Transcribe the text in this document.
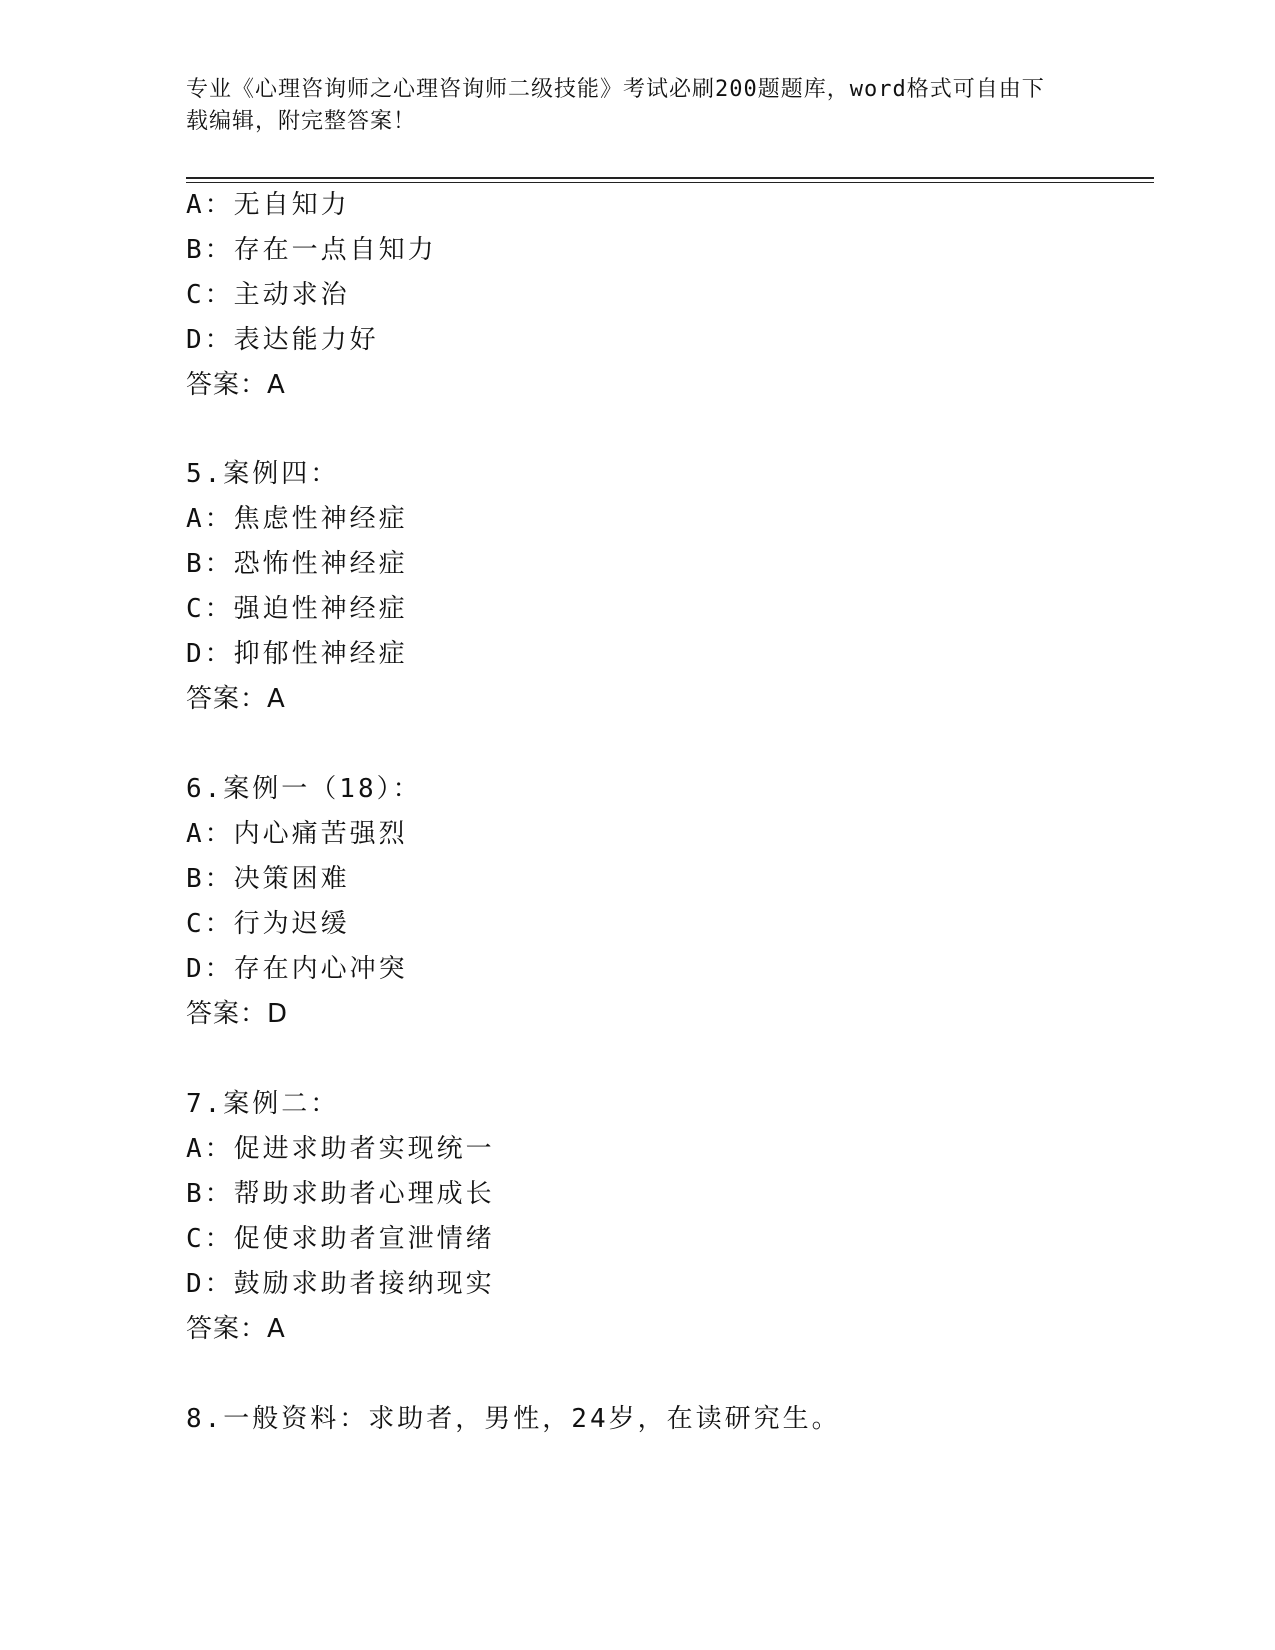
专业《心理咨询师之心理咨询师二级技能》考试必刷200题题库，word格式可自由下载编辑，附完整答案！
A：无自知力
B：存在一点自知力
C：主动求治
D：表达能力好
答案：A
5.案例四：
A：焦虑性神经症
B：恐怖性神经症
C：强迫性神经症
D：抑郁性神经症
答案：A
6.案例一（18）：
A：内心痛苦强烈
B：决策困难
C：行为迟缓
D：存在内心冲突
答案：D
7.案例二：
A：促进求助者实现统一
B：帮助求助者心理成长
C：促使求助者宣泄情绪
D：鼓励求助者接纳现实
答案：A
8.一般资料：求助者，男性，24岁，在读研究生。
